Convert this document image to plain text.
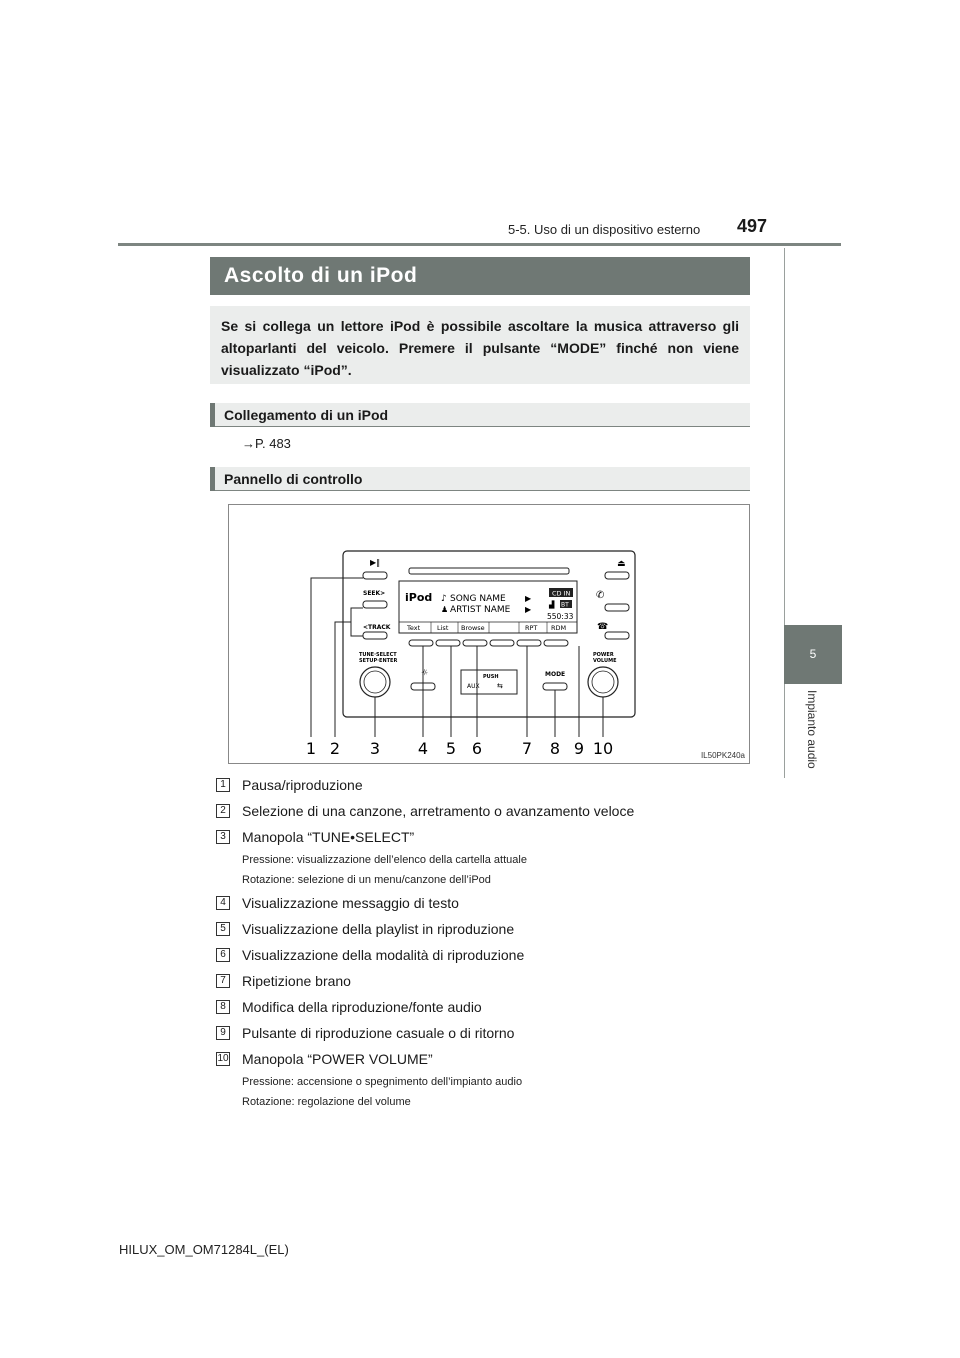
497
5-5. Uso di un dispositivo esterno
5
Impianto audio
Ascolto di un iPod
Se si collega un lettore iPod è possibile ascoltare la musica attraverso gli altoparlanti del veicolo. Premere il pulsante “MODE” finché non viene visualizzato “iPod”.
Collegamento di un iPod
→P. 483
Pannello di controllo
⏏
▶‖
iPod ♪ SONG NAME
♟ ARTIST NAME
▶
▶
CD IN
▟ BT
550:33
Text	List Browse	RPT RDM
SEEK>
<TRACK
TUNE·SELECT
SETUP·ENTER
✆
☎
POWER
VOLUME
☼	PUSH
AUX ⇆
MODE
1 2 3 4 5 6 7 8 9 10	IL50PK240a
1	Pausa/riproduzione
2	Selezione di una canzone, arretramento o avanzamento veloce
3	Manopola “TUNE•SELECT”
Pressione: visualizzazione dell’elenco della cartella attuale
Rotazione: selezione di un menu/canzone dell’iPod
4	Visualizzazione messaggio di testo
5	Visualizzazione della playlist in riproduzione
6	Visualizzazione della modalità di riproduzione
7	Ripetizione brano
8	Modifica della riproduzione/fonte audio
9	Pulsante di riproduzione casuale o di ritorno
10 Manopola “POWER VOLUME”
Pressione: accensione o spegnimento dell’impianto audio
Rotazione: regolazione del volume
HILUX_OM_OM71284L_(EL)
